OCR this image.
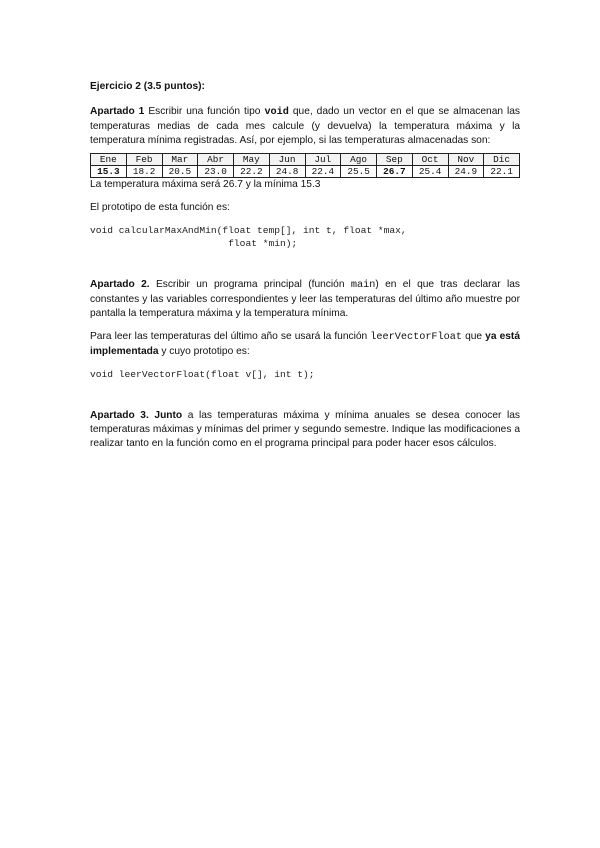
Ejercicio 2 (3.5 puntos):

Apartado 1 Escribir una función tipo void que, dado un vector en el que se almacenan las temperaturas medias de cada mes calcule (y devuelva) la temperatura máxima y la temperatura mínima registradas. Así, por ejemplo, si las temperaturas almacenadas son:

Ene	Feb	Mar	Abr	May	Jun	Jul	Ago	Sep	Oct	Nov	Dic
15.3	18.2	20.5	23.0	22.2	24.8	22.4	25.5	26.7	25.4	24.9	22.1

La temperatura máxima será 26.7 y la mínima 15.3

El prototipo de esta función es:

void calcularMaxAndMin(float temp[], int t, float *max,
float *min);

Apartado 2. Escribir un programa principal (función main) en el que tras declarar las constantes y las variables correspondientes y leer las temperaturas del último año muestre por pantalla la temperatura máxima y la temperatura mínima.

Para leer las temperaturas del último año se usará la función leerVectorFloat que ya está implementada y cuyo prototipo es:

void leerVectorFloat(float v[], int t);

Apartado 3. Junto a las temperaturas máxima y mínima anuales se desea conocer las temperaturas máximas y mínimas del primer y segundo semestre. Indique las modificaciones a realizar tanto en la función como en el programa principal para poder hacer esos cálculos.
